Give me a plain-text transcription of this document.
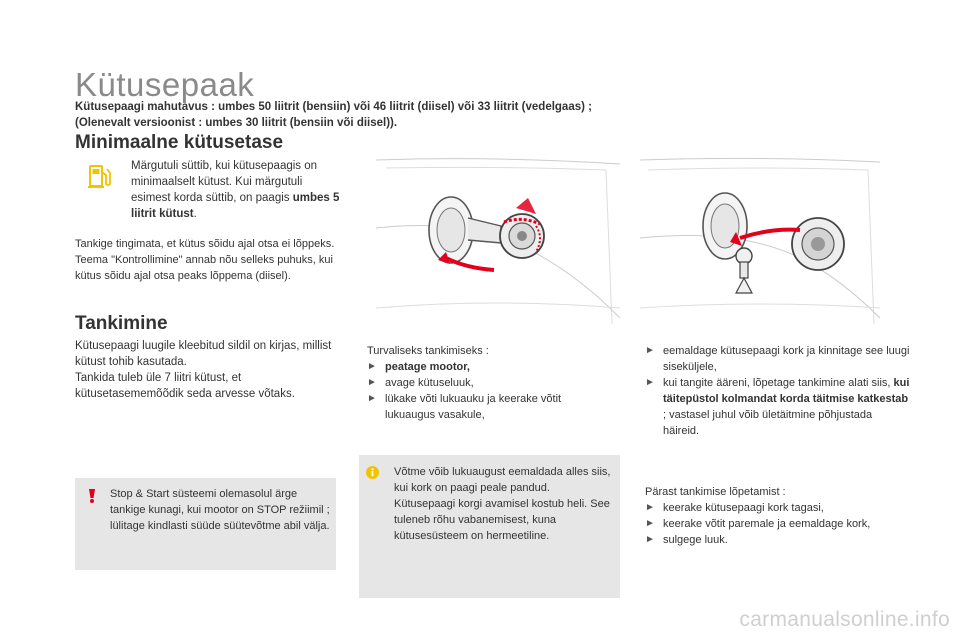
Kütusepaak
Kütusepaagi mahutavus : umbes 50 liitrit (bensiin) või 46 liitrit (diisel) või 33 liitrit (vedelgaas) ; (Olenevalt versioonist : umbes 30 liitrit (bensiin või diisel)).
Minimaalne kütusetase
Märgutuli süttib, kui kütusepaagis on minimaalselt kütust. Kui märgutuli esimest korda süttib, on paagis umbes 5 liitrit kütust.
Tankige tingimata, et kütus sõidu ajal otsa ei lõppeks.
Teema "Kontrollimine" annab nõu selleks puhuks, kui kütus sõidu ajal otsa peaks lõppema (diisel).
Tankimine
Kütusepaagi luugile kleebitud sildil on kirjas, millist kütust tohib kasutada.
Tankida tuleb üle 7 liitri kütust, et kütusetasememõõdik seda arvesse võtaks.
Turvaliseks tankimiseks :
► peatage mootor,
► avage kütuseluuk,
► lükake võti lukuauku ja keerake võtit lukuaugus vasakule,
► eemaldage kütusepaagi kork ja kinnitage see luugi siseküljele,
► kui tangite ääreni, lõpetage tankimine alati siis, kui täitepüstol kolmandat korda täitmise katkestab ; vastasel juhul võib ületäitmine põhjustada häireid.
Pärast tankimise lõpetamist :
► keerake kütusepaagi kork tagasi,
► keerake võtit paremale ja eemaldage kork,
► sulgege luuk.
Stop & Start süsteemi olemasolul ärge tankige kunagi, kui mootor on STOP režiimil ; lülitage kindlasti süüde süütevõtme abil välja.
Võtme võib lukuaugust eemaldada alles siis, kui kork on paagi peale pandud. Kütusepaagi korgi avamisel kostub heli. See tuleneb rõhu vabanemisest, kuna kütusesüsteem on hermeetiline.
carmanualsonline.info
